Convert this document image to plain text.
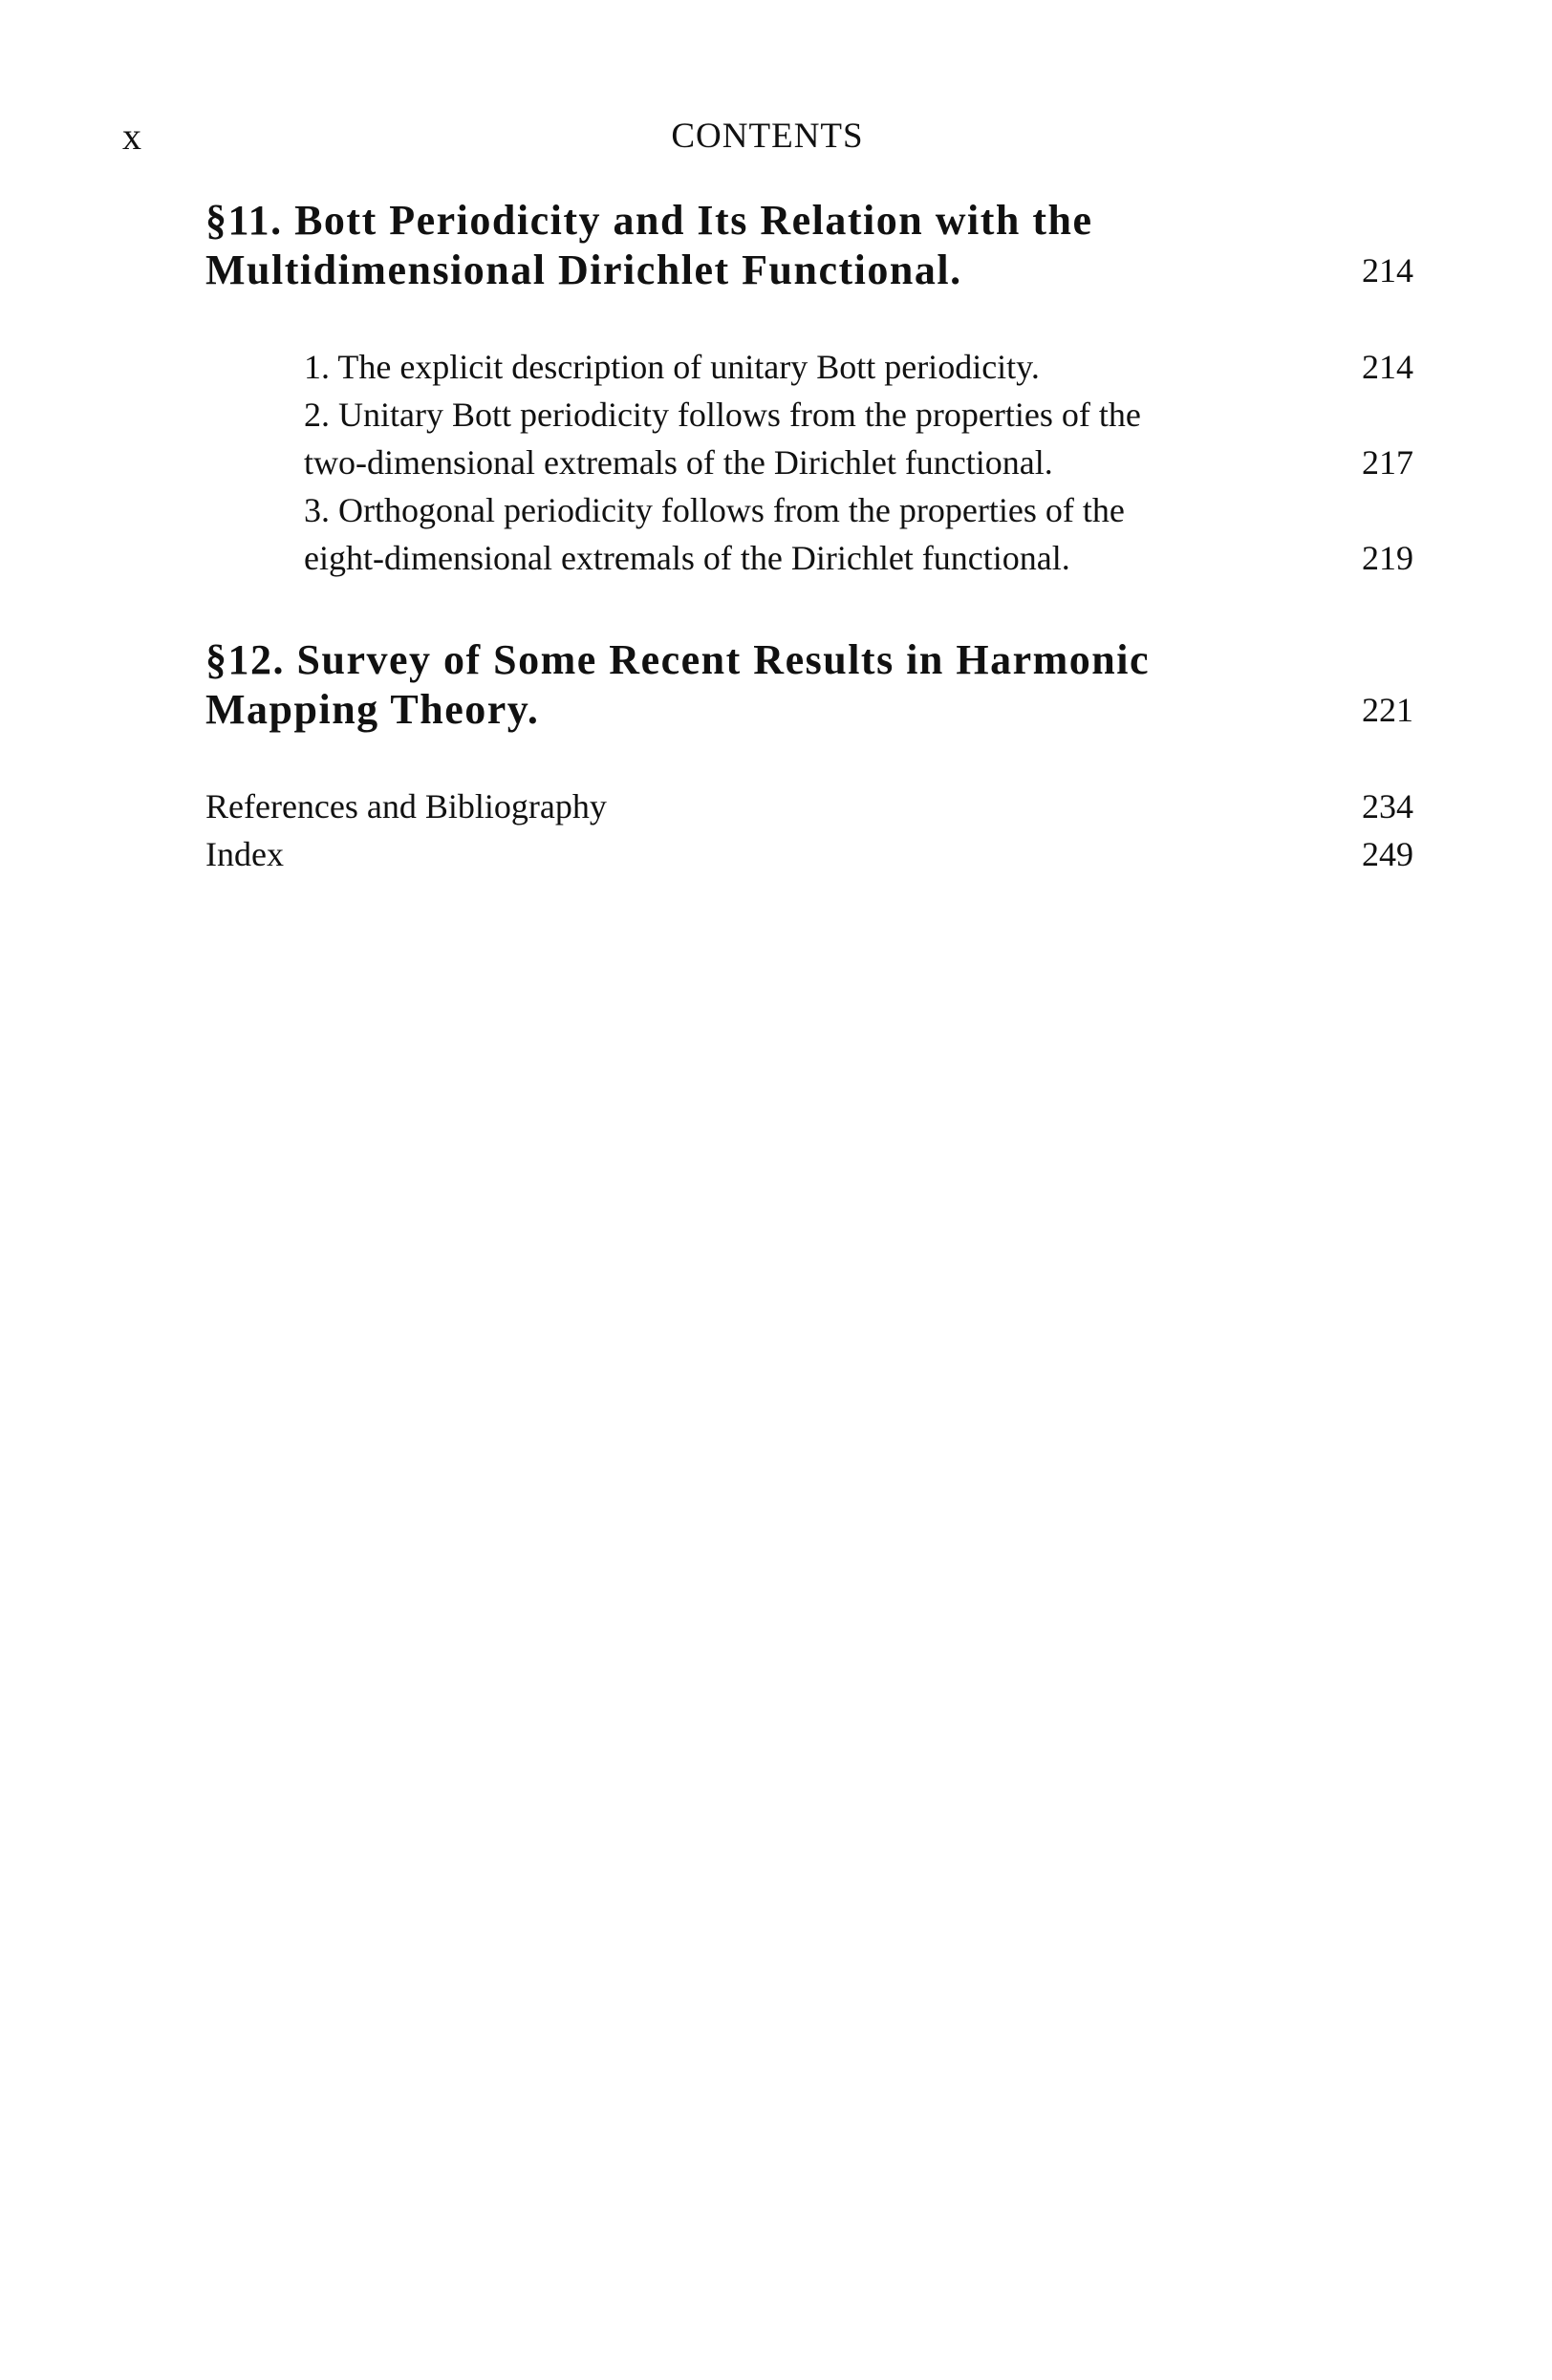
x	CONTENTS
§11. Bott Periodicity and Its Relation with the
Multidimensional Dirichlet Functional.	214
1. The explicit description of unitary Bott periodicity.	214
2. Unitary Bott periodicity follows from the properties of the
two-dimensional extremals of the Dirichlet functional.	217
3. Orthogonal periodicity follows from the properties of the
eight-dimensional extremals of the Dirichlet functional.	219
§12. Survey of Some Recent Results in Harmonic
Mapping Theory.	221
References and Bibliography	234
Index	249
